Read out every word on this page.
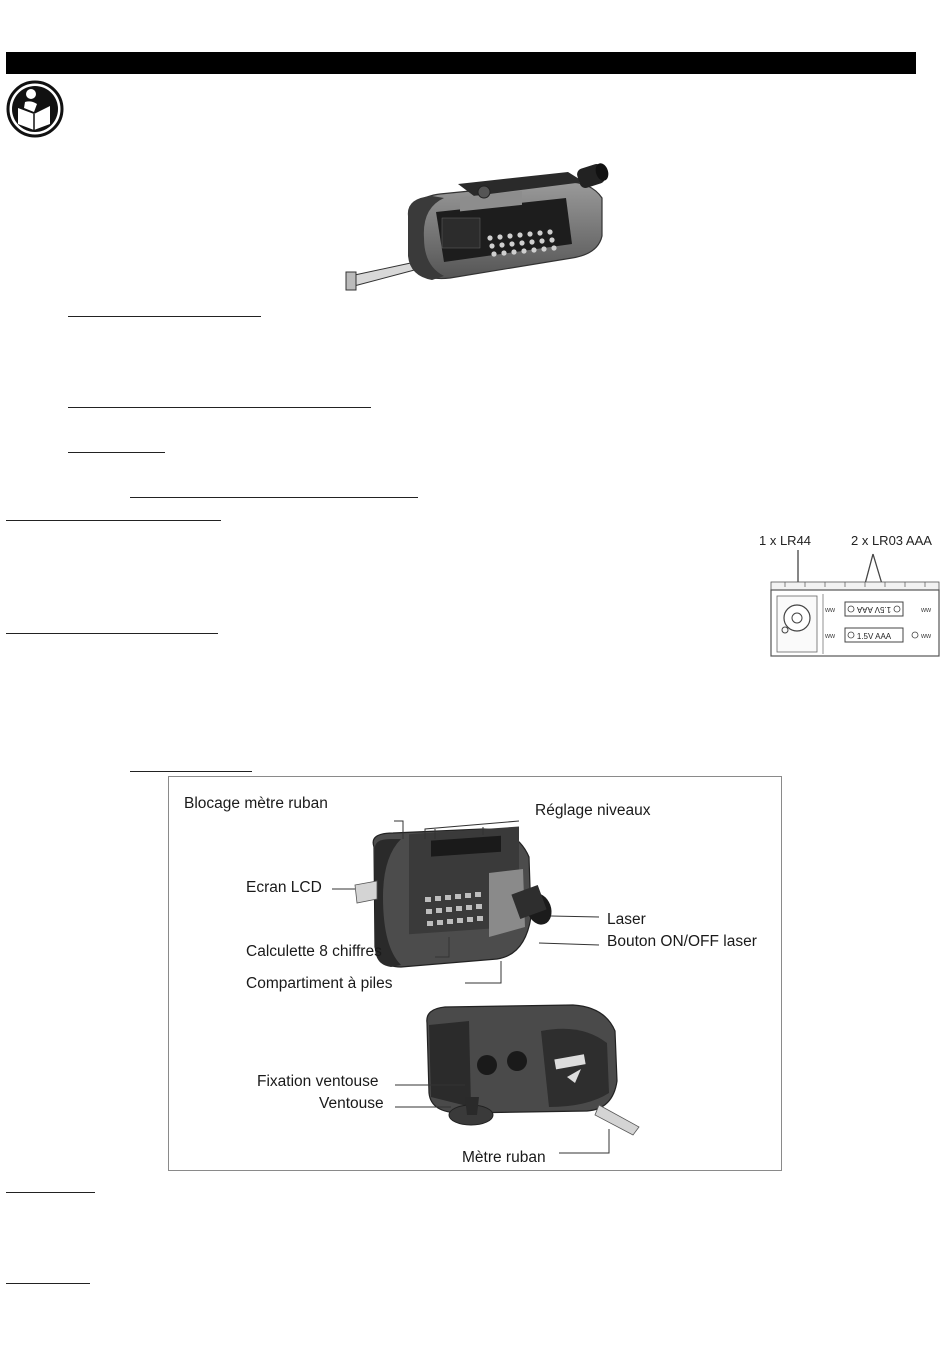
1 x LR44	2 x LR03 AAA
1.5V AAA
1.5V AAA
ww
ww
ww
ww
Blocage mètre ruban	Réglage niveaux
Ecran LCD
Laser
Bouton ON/OFF laser
Calculette 8 chiffres
Compartiment à piles
Fixation ventouse
Ventouse
Mètre ruban
